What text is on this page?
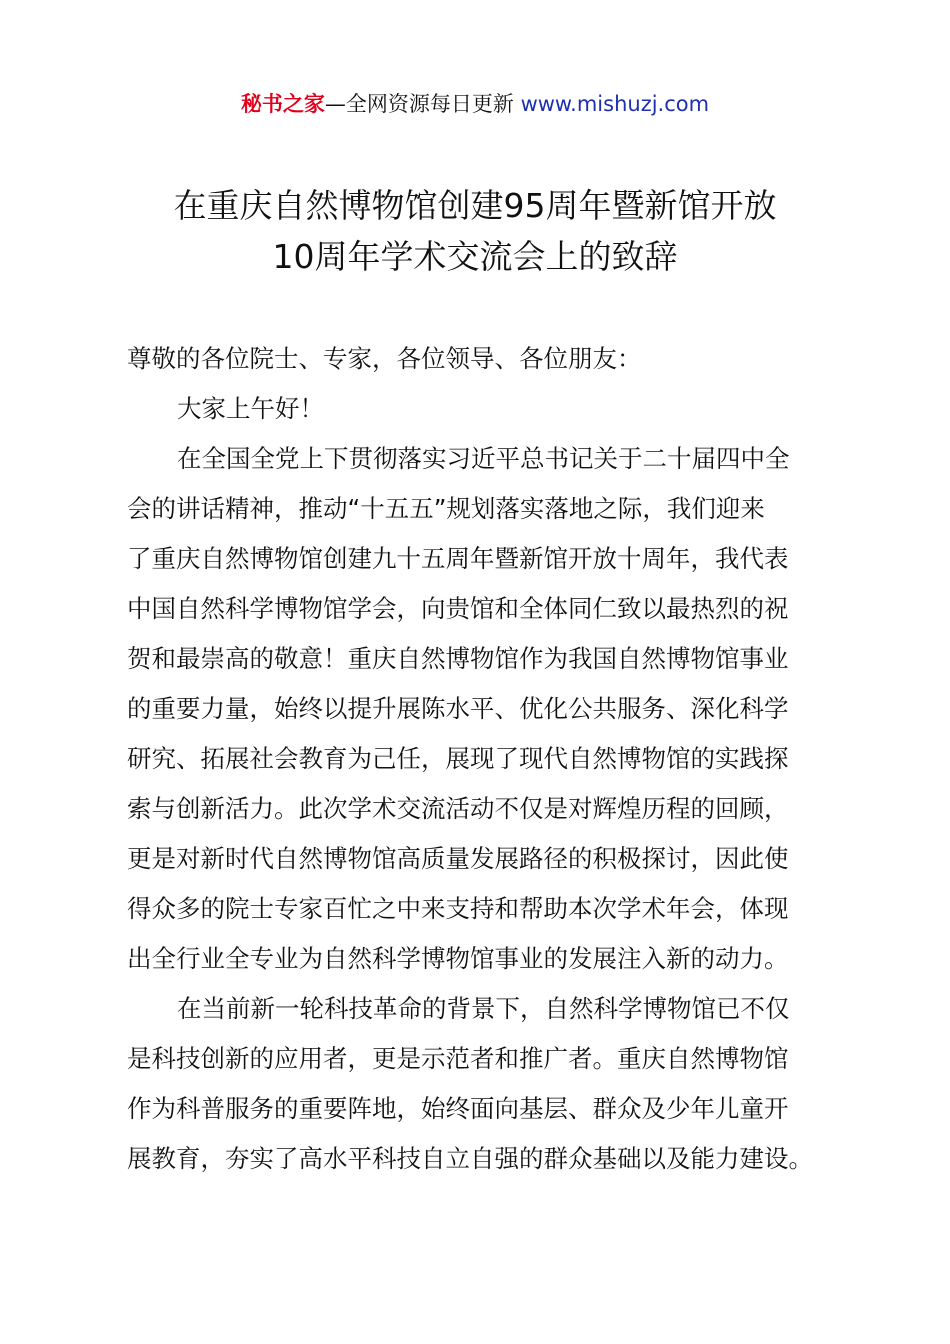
秘书之家—全网资源每日更新 www.mishuzj.com
在重庆自然博物馆创建95周年暨新馆开放
10周年学术交流会上的致辞

尊敬的各位院士、专家，各位领导、各位朋友：

大家上午好！

在全国全党上下贯彻落实习近平总书记关于二十届四中全
会的讲话精神，推动“十五五”规划落实落地之际，我们迎来
了重庆自然博物馆创建九十五周年暨新馆开放十周年，我代表
中国自然科学博物馆学会，向贵馆和全体同仁致以最热烈的祝
贺和最崇高的敬意！重庆自然博物馆作为我国自然博物馆事业
的重要力量，始终以提升展陈水平、优化公共服务、深化科学
研究、拓展社会教育为己任，展现了现代自然博物馆的实践探
索与创新活力。此次学术交流活动不仅是对辉煌历程的回顾，
更是对新时代自然博物馆高质量发展路径的积极探讨，因此使
得众多的院士专家百忙之中来支持和帮助本次学术年会，体现
出全行业全专业为自然科学博物馆事业的发展注入新的动力。

在当前新一轮科技革命的背景下，自然科学博物馆已不仅
是科技创新的应用者，更是示范者和推广者。重庆自然博物馆
作为科普服务的重要阵地，始终面向基层、群众及少年儿童开
展教育，夯实了高水平科技自立自强的群众基础以及能力建设。
